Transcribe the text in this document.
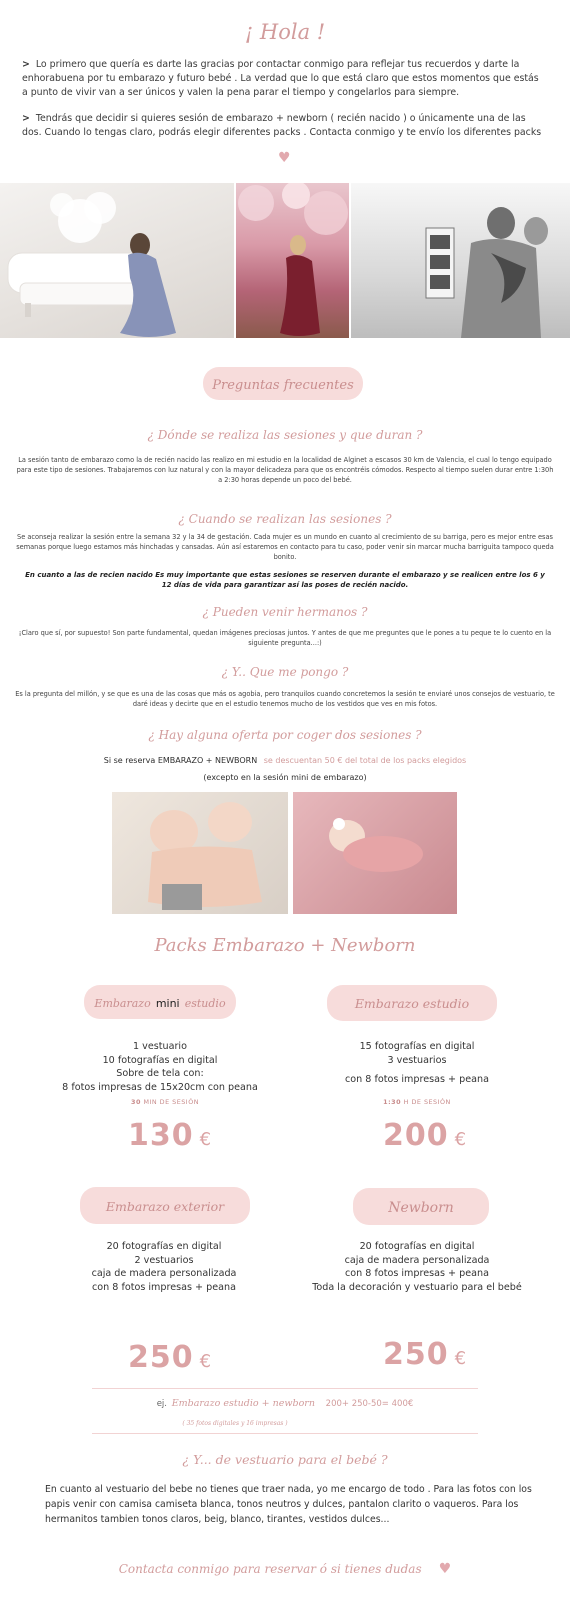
¡ Hola !
> Lo primero que quería es darte las gracias por contactar conmigo para reflejar tus recuerdos y darte la enhorabuena por tu embarazo y futuro bebé . La verdad que lo que está claro que estos momentos que estás a punto de vivir van a ser únicos y valen la pena parar el tiempo y congelarlos para siempre.
> Tendrás que decidir si quieres sesión de embarazo + newborn ( recién nacido ) o únicamente una de las dos. Cuando lo tengas claro, podrás elegir diferentes packs . Contacta conmigo y te envío los diferentes packs
♥
Preguntas frecuentes
¿ Dónde se realiza las sesiones y que duran ?
La sesión tanto de embarazo como la de recién nacido las realizo en mi estudio en la localidad de Alginet a escasos 30 km de Valencia, el cual lo tengo equipado para este tipo de sesiones. Trabajaremos con luz natural y con la mayor delicadeza para que os encontréis cómodos. Respecto al tiempo suelen durar entre 1:30h a 2:30 horas depende un poco del bebé.
¿ Cuando se realizan las sesiones ?
Se aconseja realizar la sesión entre la semana 32 y la 34 de gestación. Cada mujer es un mundo en cuanto al crecimiento de su barriga, pero es mejor entre esas semanas porque luego estamos más hinchadas y cansadas. Aún así estaremos en contacto para tu caso, poder venir sin marcar mucha barriguita tampoco queda bonito.
En cuanto a las de recien nacido Es muy importante que estas sesiones se reserven durante el embarazo y se realicen entre los 6 y 12 días de vida para garantizar así las poses de recién nacido.
¿ Pueden venir hermanos ?
¡Claro que sí, por supuesto! Son parte fundamental, quedan imágenes preciosas juntos. Y antes de que me preguntes que le pones a tu peque te lo cuento en la siguiente pregunta...:)
¿ Y.. Que me pongo ?
Es la pregunta del millón, y se que es una de las cosas que más os agobia, pero tranquilos cuando concretemos la sesión te enviaré unos consejos de vestuario, te daré ideas y decirte que en el estudio tenemos mucho de los vestidos que ves en mis fotos.
¿ Hay alguna oferta por coger dos sesiones ?
Si se reserva EMBARAZO + NEWBORN se descuentan 50 € del total de los packs elegidos
(excepto en la sesión mini de embarazo)
Packs Embarazo + Newborn
Embarazo mini estudio
1 vestuario
10 fotografías en digital
Sobre de tela con:
8 fotos impresas de 15x20cm con peana
30 MIN DE SESIÓN
130 €
Embarazo estudio
15 fotografías en digital
3 vestuarios
con 8 fotos impresas + peana
1:30 H DE SESIÓN
200 €
Embarazo exterior
20 fotografías en digital
2 vestuarios
caja de madera personalizada
con 8 fotos impresas + peana
250 €
Newborn
20 fotografías en digital
caja de madera personalizada
con 8 fotos impresas + peana
Toda la decoración y vestuario para el bebé
250 €
ej. Embarazo estudio + newborn 200+ 250-50= 400€
( 35 fotos digitales y 16 impresas )
¿ Y... de vestuario para el bebé ?
En cuanto al vestuario del bebe no tienes que traer nada, yo me encargo de todo . Para las fotos con los papis venir con camisa camiseta blanca, tonos neutros y dulces, pantalon clarito o vaqueros. Para los hermanitos tambien tonos claros, beig, blanco, tirantes, vestidos dulces...
Contacta conmigo para reservar ó si tienes dudas ♥
